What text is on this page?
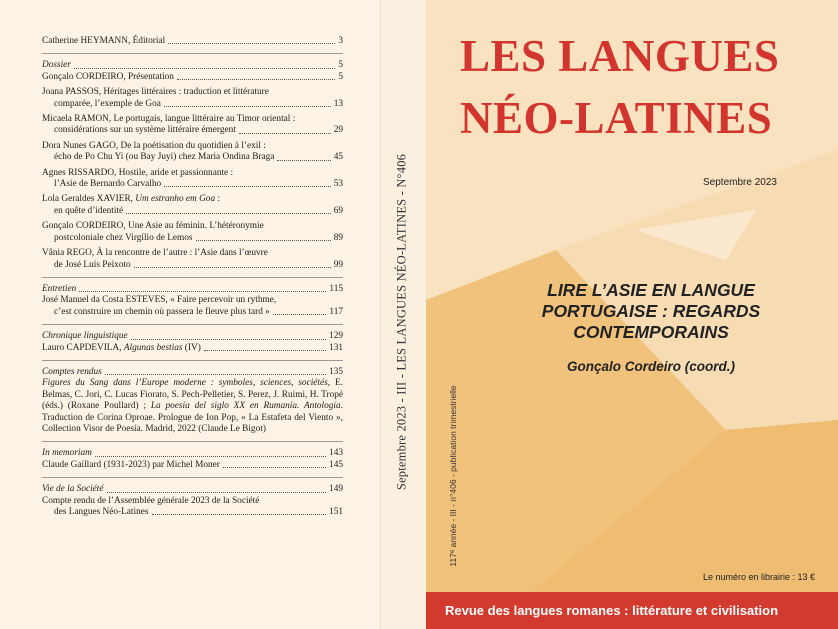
Catherine HEYMANN, Éditorial	3
Dossier	5
Gonçalo CORDEIRO, Présentation	5
Joana PASSOS, Héritages littéraires : traduction et littérature
comparée, l’exemple de Goa	13
Micaela RAMON, Le portugais, langue littéraire au Timor oriental :
considérations sur un système littéraire émergent	29
Dora Nunes GAGO, De la poétisation du quotidien à l’exil :
écho de Po Chu Yi (ou Bay Juyi) chez Maria Ondina Braga	45
Agnes RISSARDO, Hostile, aride et passionnante :
l’Asie de Bernardo Carvalho	53
Lola Geraldes XAVIER, Um estranho em Goa :
en quête d’identité	69
Gonçalo CORDEIRO, Une Asie au féminin. L’hétéronymie
postcoloniale chez Virgílio de Lemos	89
Vânia REGO, À la rencontre de l’autre : l’Asie dans l’œuvre
de José Luís Peixoto	99
Entretien	115
José Manuel da Costa ESTEVES, « Faire percevoir un rythme,
c’est construire un chemin où passera le fleuve plus tard »	117
Chronique linguistique	129
Lauro CAPDEVILA, Algunas bestias (IV)	131
Comptes rendus	135
Figures du Sang dans l’Europe moderne : symboles, sciences, sociétés, E. Belmas, C. Jori, C. Lucas Fiorato, S. Pech-Pelletier, S. Perez, J. Ruimi, H. Tropé (éds.) (Roxane Poullard) ; La poesía del siglo XX en Rumanía. Antología. Traduction de Corina Oproae. Prologue de Ion Pop, « La Estafeta del Viento », Collection Visor de Poesía. Madrid, 2022 (Claude Le Bigot)
In memoriam	143
Claude Gaillard (1931-2023) par Michel Moner	145
Vie de la Société	149
Compte rendu de l’Assemblée générale 2023 de la Société
des Langues Néo-Latines	151
Septembre 2023 - III - LES LANGUES NÉO-LATINES - N°406	117ᵉ année - III - n°406 - publication trimestrielle
LES LANGUES
NÉO-LATINES
Septembre 2023
LIRE L’ASIE EN LANGUE PORTUGAISE : REGARDS CONTEMPORAINS
Gonçalo Cordeiro (coord.)
Le numéro en librairie : 13 €
Revue des langues romanes : littérature et civilisation
